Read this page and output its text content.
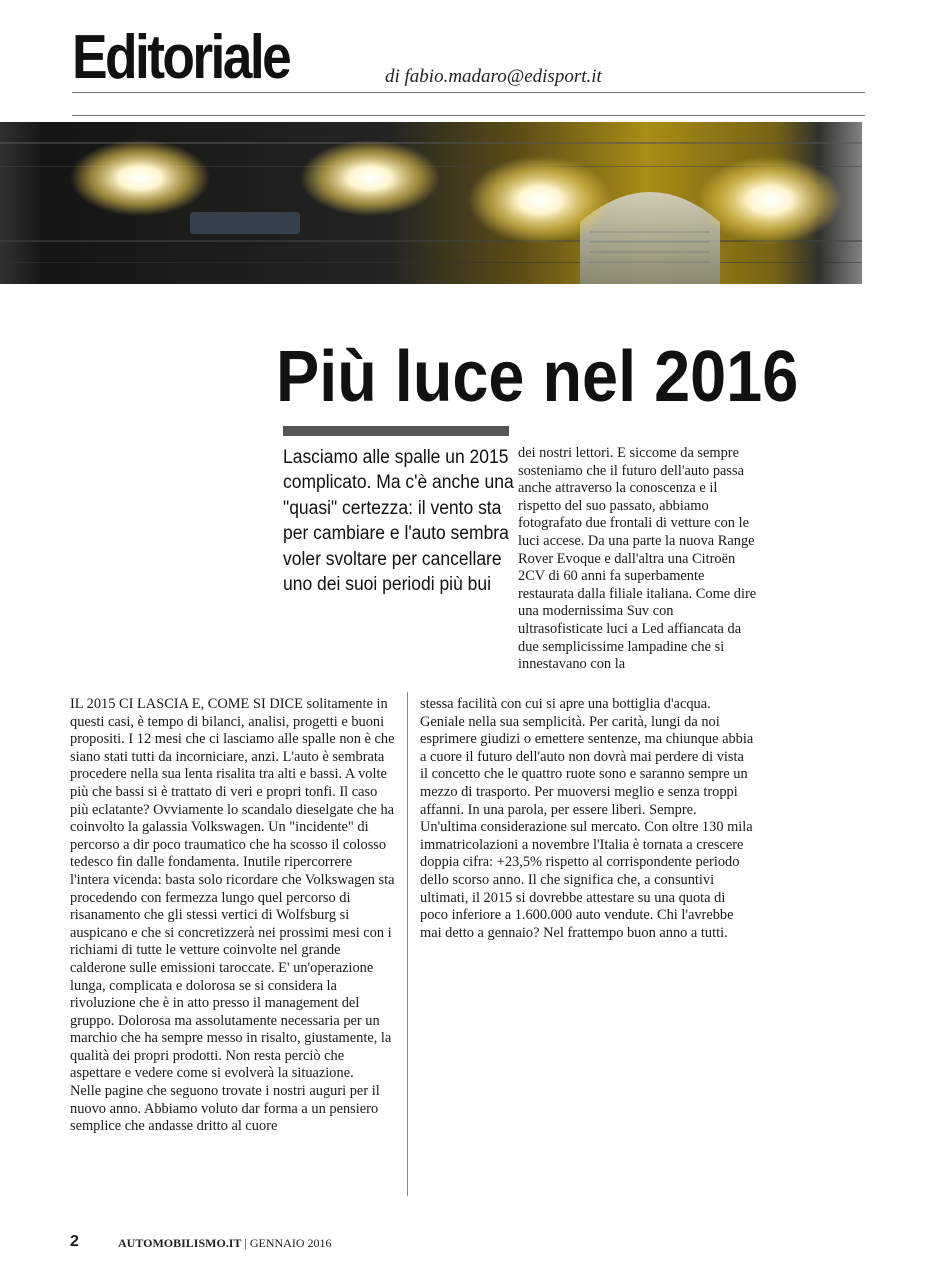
Editoriale	di fabio.madaro@edisport.it
Più luce nel 2016
Lasciamo alle spalle un 2015 complicato. Ma c'è anche una "quasi" certezza: il vento sta per cambiare e l'auto sembra voler svoltare per cancellare uno dei suoi periodi più bui

dei nostri lettori. E siccome da sempre sosteniamo che il futuro dell'auto passa anche attraverso la conoscenza e il rispetto del suo passato, abbiamo fotografato due frontali di vetture con le luci accese. Da una parte la nuova Range Rover Evoque e dall'altra una Citroën 2CV di 60 anni fa superbamente restaurata dalla filiale italiana. Come dire una modernissima Suv con ultrasofisticate luci a Led affiancata da due semplicissime lampadine che si innestavano con la

IL 2015 CI LASCIA E, COME SI DICE solitamente in questi casi, è tempo di bilanci, analisi, progetti e buoni propositi. I 12 mesi che ci lasciamo alle spalle non è che siano stati tutti da incorniciare, anzi. L'auto è sembrata procedere nella sua lenta risalita tra alti e bassi. A volte più che bassi si è trattato di veri e propri tonfi. Il caso più eclatante? Ovviamente lo scandalo dieselgate che ha coinvolto la galassia Volkswagen. Un "incidente" di percorso a dir poco traumatico che ha scosso il colosso tedesco fin dalle fondamenta. Inutile ripercorrere l'intera vicenda: basta solo ricordare che Volkswagen sta procedendo con fermezza lungo quel percorso di risanamento che gli stessi vertici di Wolfsburg si auspicano e che si concretizzerà nei prossimi mesi con i richiami di tutte le vetture coinvolte nel grande calderone sulle emissioni taroccate. E' un'operazione lunga, complicata e dolorosa se si considera la rivoluzione che è in atto presso il management del gruppo. Dolorosa ma assolutamente necessaria per un marchio che ha sempre messo in risalto, giustamente, la qualità dei propri prodotti. Non resta perciò che aspettare e vedere come si evolverà la situazione.

Nelle pagine che seguono trovate i nostri auguri per il nuovo anno. Abbiamo voluto dar forma a un pensiero semplice che andasse dritto al cuore

stessa facilità con cui si apre una bottiglia d'acqua. Geniale nella sua semplicità. Per carità, lungi da noi esprimere giudizi o emettere sentenze, ma chiunque abbia a cuore il futuro dell'auto non dovrà mai perdere di vista il concetto che le quattro ruote sono e saranno sempre un mezzo di trasporto. Per muoversi meglio e senza troppi affanni. In una parola, per essere liberi. Sempre.

Un'ultima considerazione sul mercato. Con oltre 130 mila immatricolazioni a novembre l'Italia è tornata a crescere doppia cifra: +23,5% rispetto al corrispondente periodo dello scorso anno. Il che significa che, a consuntivi ultimati, il 2015 si dovrebbe attestare su una quota di poco inferiore a 1.600.000 auto vendute. Chi l'avrebbe mai detto a gennaio? Nel frattempo buon anno a tutti.

2	AUTOMOBILISMO.IT | GENNAIO 2016
